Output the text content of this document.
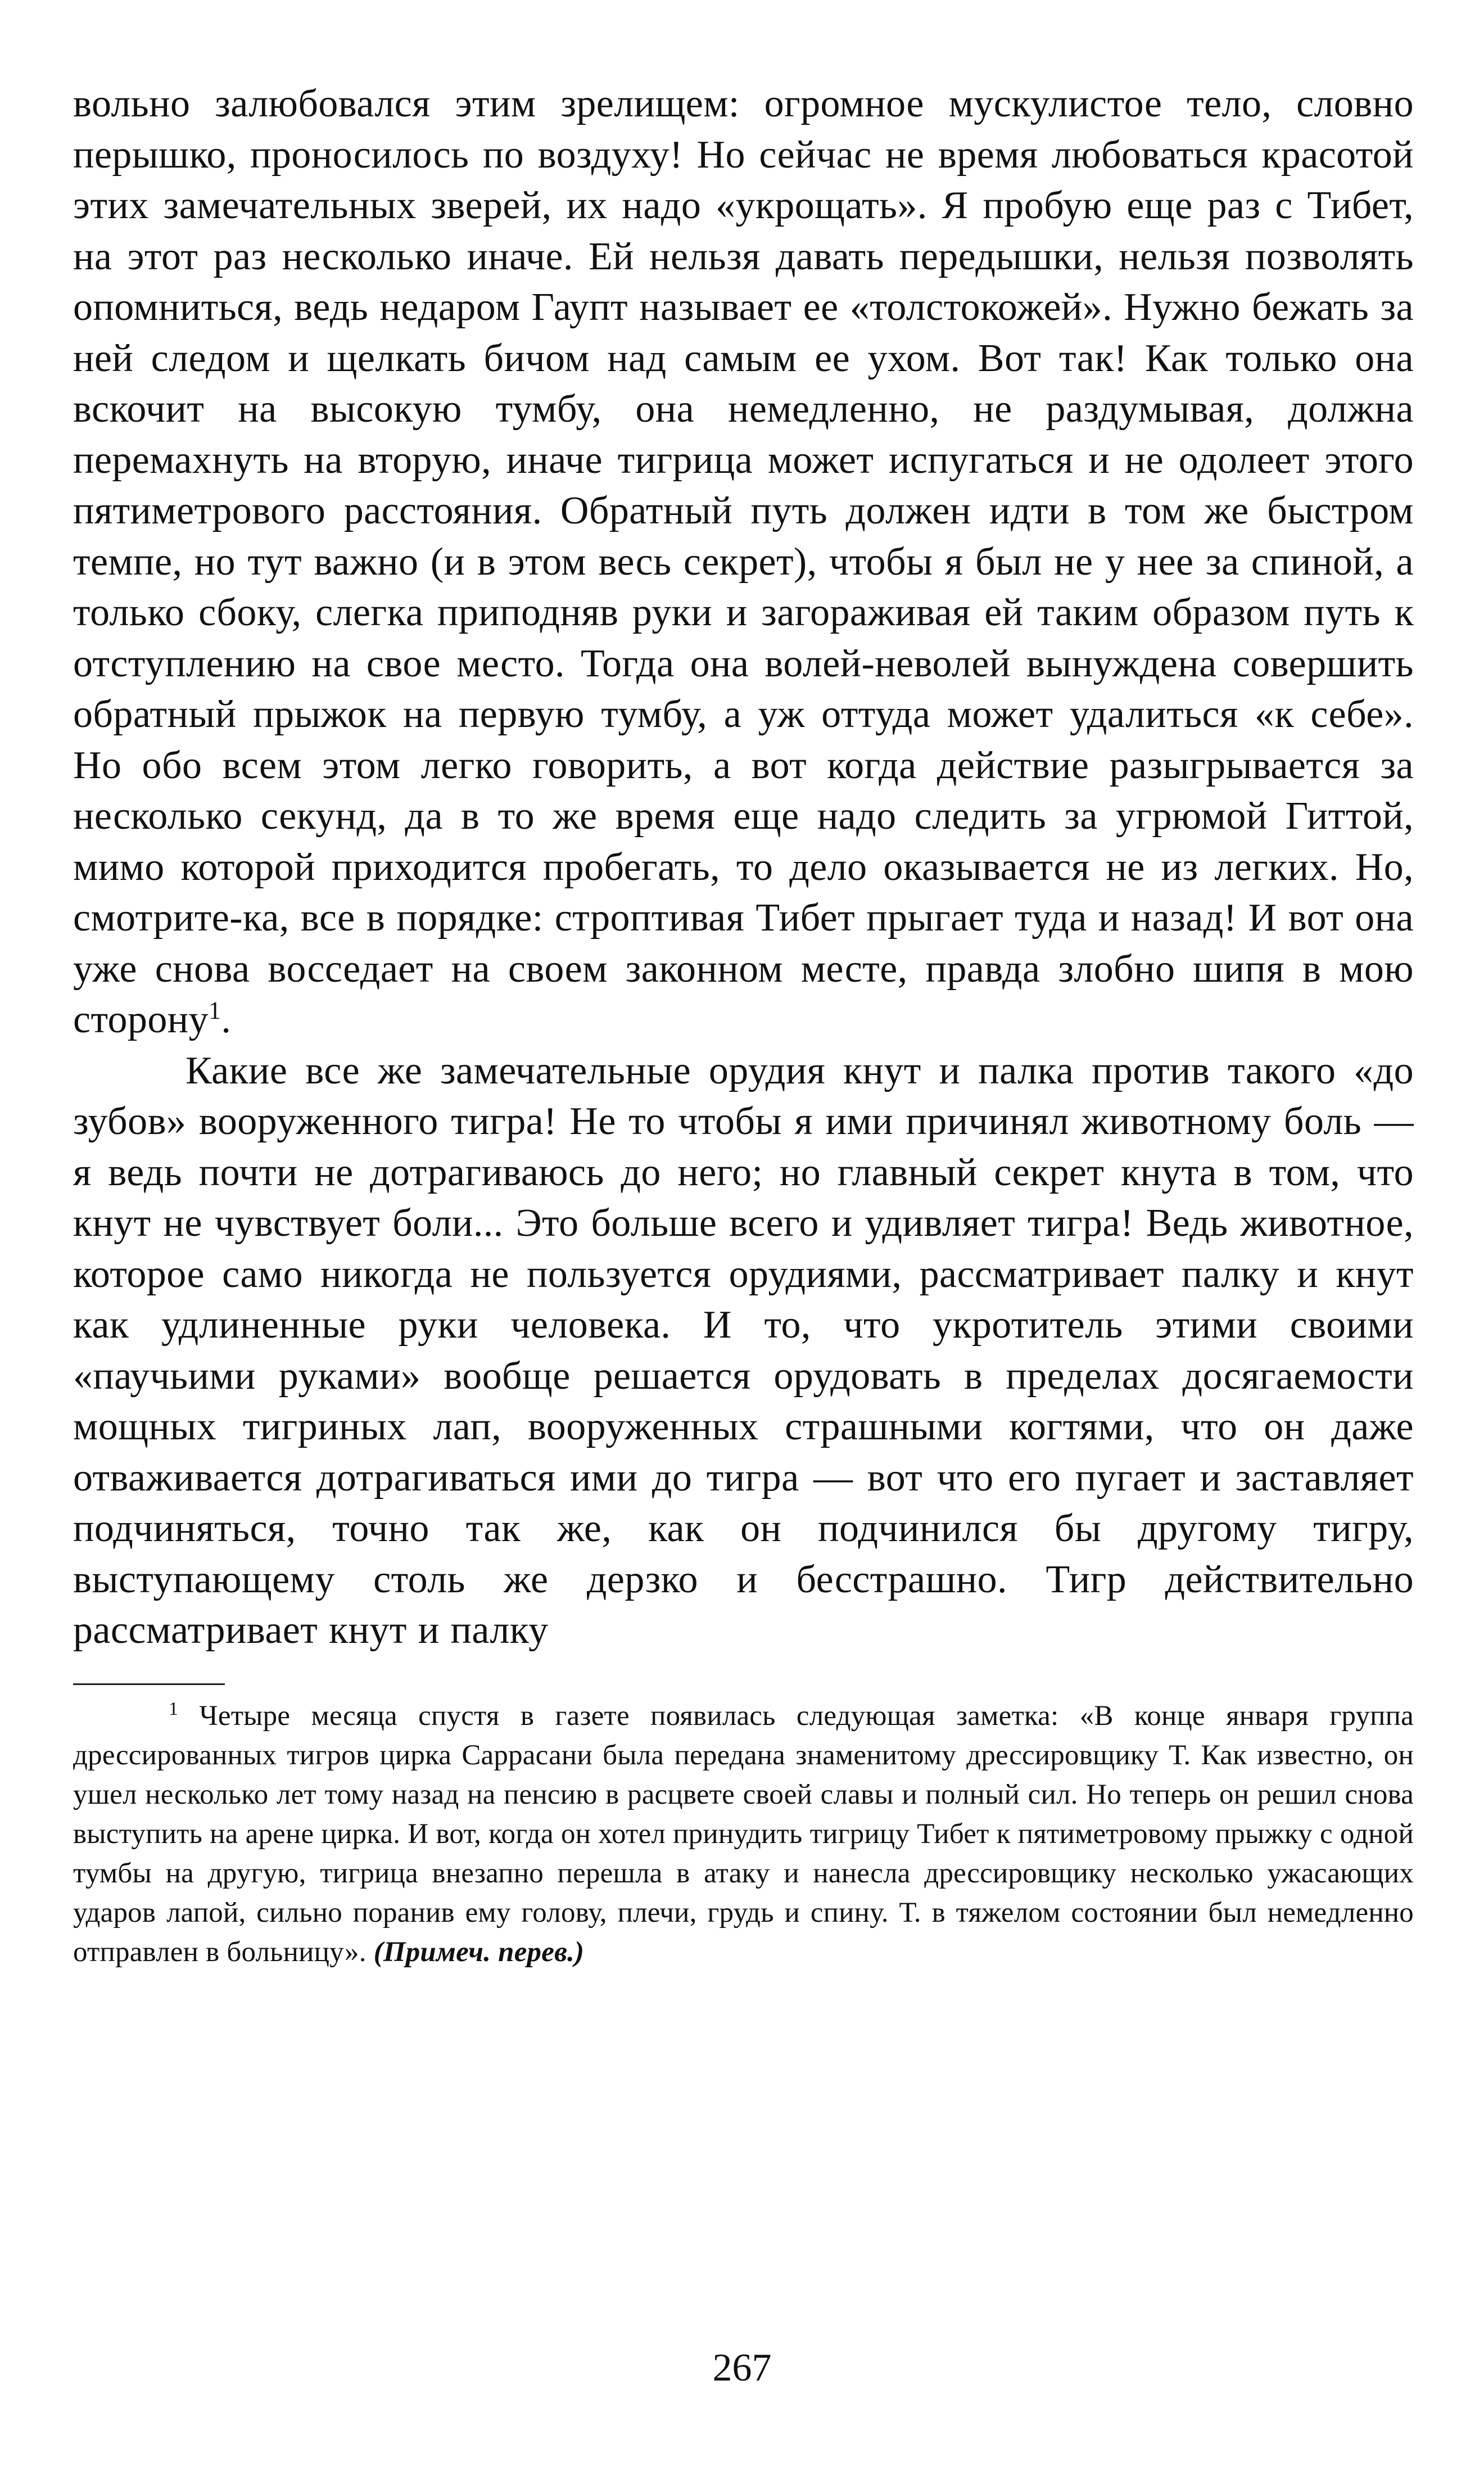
вольно залюбовался этим зрелищем: огромное мускулистое тело, словно перышко, проносилось по воздуху! Но сейчас не время любоваться красотой этих замечательных зверей, их надо «укрощать». Я пробую еще раз с Тибет, на этот раз несколько иначе. Ей нельзя давать передышки, нельзя позволять опомниться, ведь недаром Гаупт называет ее «толстокожей». Нужно бежать за ней следом и щелкать бичом над самым ее ухом. Вот так! Как только она вскочит на высокую тумбу, она немедленно, не раздумывая, должна перемахнуть на вторую, иначе тигрица может испугаться и не одолеет этого пятиметрового расстояния. Обратный путь должен идти в том же быстром темпе, но тут важно (и в этом весь секрет), чтобы я был не у нее за спиной, а только сбоку, слегка приподняв руки и загораживая ей таким образом путь к отступлению на свое место. Тогда она волей-неволей вынуждена совершить обратный прыжок на первую тумбу, а уж оттуда может удалиться «к себе». Но обо всем этом легко говорить, а вот когда действие разыгрывается за несколько секунд, да в то же время еще надо следить за угрюмой Гиттой, мимо которой приходится пробегать, то дело оказывается не из легких. Но, смотрите-ка, все в порядке: строптивая Тибет прыгает туда и назад! И вот она уже снова восседает на своем законном месте, правда злобно шипя в мою сторону$^1$.

Какие все же замечательные орудия кнут и палка против такого «до зубов» вооруженного тигра! Не то чтобы я ими причинял животному боль — я ведь почти не дотрагиваюсь до него; но главный секрет кнута в том, что кнут не чувствует боли... Это больше всего и удивляет тигра! Ведь животное, которое само никогда не пользуется орудиями, рассматривает палку и кнут как удлиненные руки человека. И то, что укротитель этими своими «паучьими руками» вообще решается орудовать в пределах досягаемости мощных тигриных лап, вооруженных страшными когтями, что он даже отваживается дотрагиваться ими до тигра — вот что его пугает и заставляет подчиняться, точно так же, как он подчинился бы другому тигру, выступающему столь же дерзко и бесстрашно. Тигр действительно рассматривает кнут и палку

$^1$ Четыре месяца спустя в газете появилась следующая заметка: «В конце января группа дрессированных тигров цирка Саррасани была передана знаменитому дрессировщику Т. Как известно, он ушел несколько лет тому назад на пенсию в расцвете своей славы и полный сил. Но теперь он решил снова выступить на арене цирка. И вот, когда он хотел принудить тигрицу Тибет к пятиметровому прыжку с одной тумбы на другую, тигрица внезапно перешла в атаку и нанесла дрессировщику несколько ужасающих ударов лапой, сильно поранив ему голову, плечи, грудь и спину. Т. в тяжелом состоянии был немедленно отправлен в больницу». (Примеч. перев.)

267
